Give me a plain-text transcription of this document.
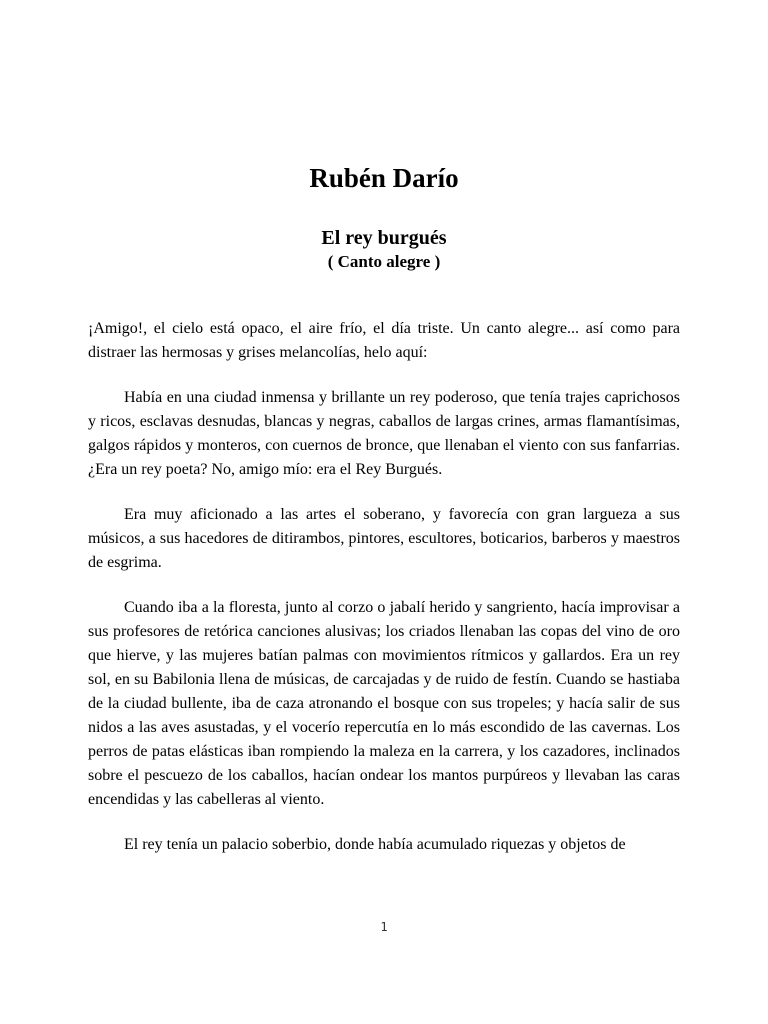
Rubén Darío
El rey burgués
( Canto alegre )

¡Amigo!, el cielo está opaco, el aire frío, el día triste. Un canto alegre... así como para distraer las hermosas y grises melancolías, helo aquí:

Había en una ciudad inmensa y brillante un rey poderoso, que tenía trajes caprichosos y ricos, esclavas desnudas, blancas y negras, caballos de largas crines, armas flamantísimas, galgos rápidos y monteros, con cuernos de bronce, que llenaban el viento con sus fanfarrias. ¿Era un rey poeta? No, amigo mío: era el Rey Burgués.

Era muy aficionado a las artes el soberano, y favorecía con gran largueza a sus músicos, a sus hacedores de ditirambos, pintores, escultores, boticarios, barberos y maestros de esgrima.

Cuando iba a la floresta, junto al corzo o jabalí herido y sangriento, hacía improvisar a sus profesores de retórica canciones alusivas; los criados llenaban las copas del vino de oro que hierve, y las mujeres batían palmas con movimientos rítmicos y gallardos. Era un rey sol, en su Babilonia llena de músicas, de carcajadas y de ruido de festín. Cuando se hastiaba de la ciudad bullente, iba de caza atronando el bosque con sus tropeles; y hacía salir de sus nidos a las aves asustadas, y el vocerío repercutía en lo más escondido de las cavernas. Los perros de patas elásticas iban rompiendo la maleza en la carrera, y los cazadores, inclinados sobre el pescuezo de los caballos, hacían ondear los mantos purpúreos y llevaban las caras encendidas y las cabelleras al viento.

El rey tenía un palacio soberbio, donde había acumulado riquezas y objetos de

1
